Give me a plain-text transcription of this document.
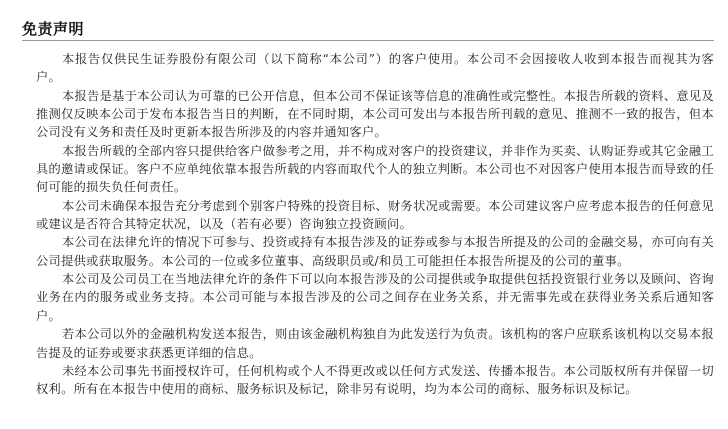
免责声明

本报告仅供民生证券股份有限公司（以下简称“本公司”）的客户使用。本公司不会因接收人收到本报告而视其为客户。

本报告是基于本公司认为可靠的已公开信息，但本公司不保证该等信息的准确性或完整性。本报告所载的资料、意见及推测仅反映本公司于发布本报告当日的判断，在不同时期，本公司可发出与本报告所刊载的意见、推测不一致的报告，但本公司没有义务和责任及时更新本报告所涉及的内容并通知客户。

本报告所载的全部内容只提供给客户做参考之用，并不构成对客户的投资建议，并非作为买卖、认购证券或其它金融工具的邀请或保证。客户不应单纯依靠本报告所载的内容而取代个人的独立判断。本公司也不对因客户使用本报告而导致的任何可能的损失负任何责任。

本公司未确保本报告充分考虑到个别客户特殊的投资目标、财务状况或需要。本公司建议客户应考虑本报告的任何意见或建议是否符合其特定状况，以及（若有必要）咨询独立投资顾问。

本公司在法律允许的情况下可参与、投资或持有本报告涉及的证券或参与本报告所提及的公司的金融交易，亦可向有关公司提供或获取服务。本公司的一位或多位董事、高级职员或/和员工可能担任本报告所提及的公司的董事。

本公司及公司员工在当地法律允许的条件下可以向本报告涉及的公司提供或争取提供包括投资银行业务以及顾问、咨询业务在内的服务或业务支持。本公司可能与本报告涉及的公司之间存在业务关系，并无需事先或在获得业务关系后通知客户。

若本公司以外的金融机构发送本报告，则由该金融机构独自为此发送行为负责。该机构的客户应联系该机构以交易本报告提及的证券或要求获悉更详细的信息。

未经本公司事先书面授权许可，任何机构或个人不得更改或以任何方式发送、传播本报告。本公司版权所有并保留一切权利。所有在本报告中使用的商标、服务标识及标记，除非另有说明，均为本公司的商标、服务标识及标记。
